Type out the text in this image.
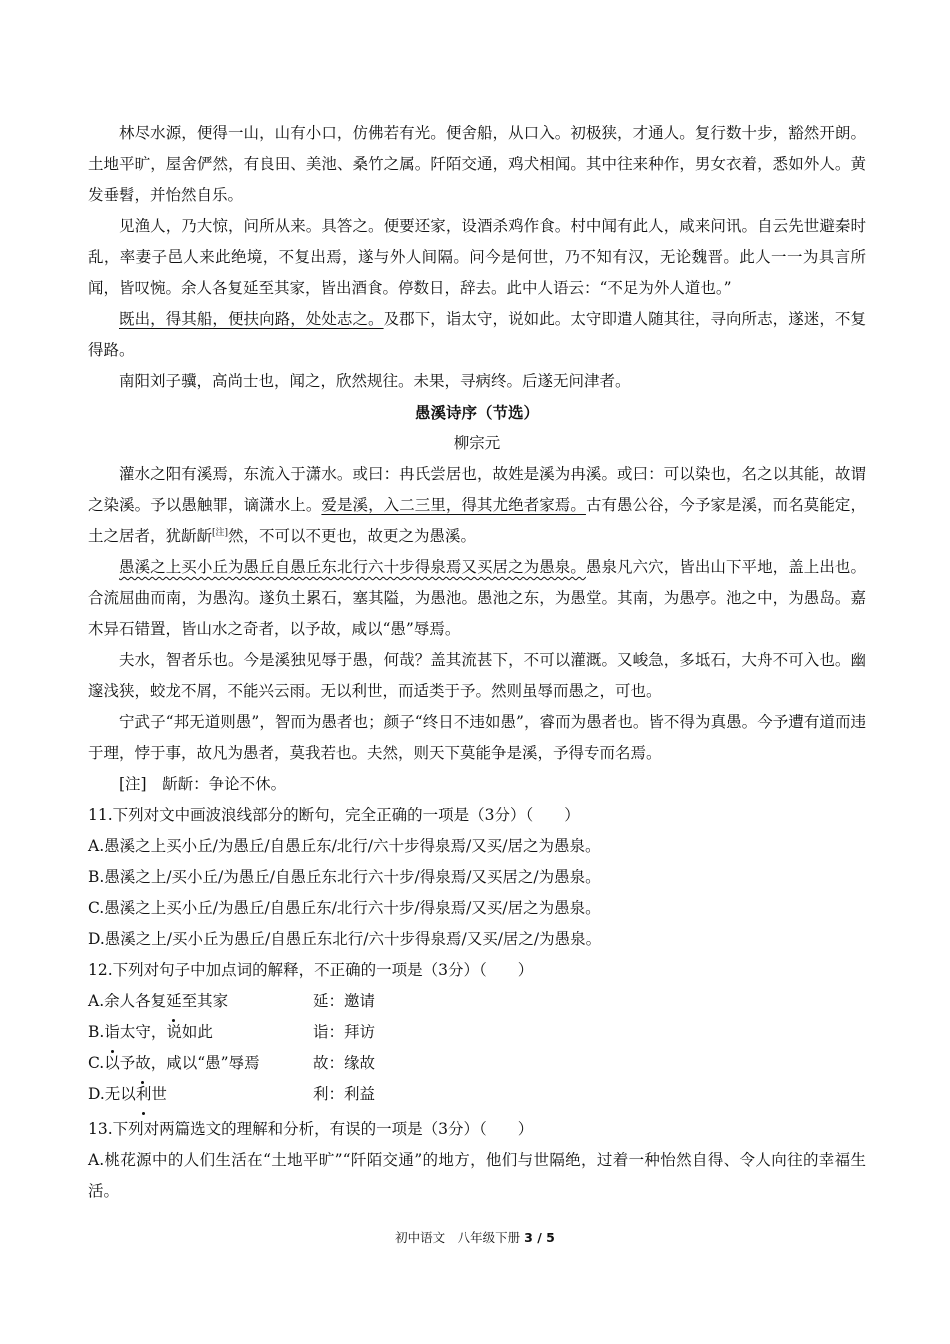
林尽水源，便得一山，山有小口，仿佛若有光。便舍船，从口入。初极狭，才通人。复行数十步，豁然开朗。土地平旷，屋舍俨然，有良田、美池、桑竹之属。阡陌交通，鸡犬相闻。其中往来种作，男女衣着，悉如外人。黄发垂髫，并怡然自乐。

见渔人，乃大惊，问所从来。具答之。便要还家，设酒杀鸡作食。村中闻有此人，咸来问讯。自云先世避秦时乱，率妻子邑人来此绝境，不复出焉，遂与外人间隔。问今是何世，乃不知有汉，无论魏晋。此人一一为具言所闻，皆叹惋。余人各复延至其家，皆出酒食。停数日，辞去。此中人语云：“不足为外人道也。”

既出，得其船，便扶向路，处处志之。及郡下，诣太守，说如此。太守即遣人随其往，寻向所志，遂迷，不复得路。

南阳刘子骥，高尚士也，闻之，欣然规往。未果，寻病终。后遂无问津者。

愚溪诗序（节选）

柳宗元

灌水之阳有溪焉，东流入于潇水。或曰：冉氏尝居也，故姓是溪为冉溪。或曰：可以染也，名之以其能，故谓之染溪。予以愚触罪，谪潇水上。爱是溪，入二三里，得其尤绝者家焉。古有愚公谷，今予家是溪，而名莫能定，土之居者，犹龂龂[注]然，不可以不更也，故更之为愚溪。

愚溪之上买小丘为愚丘自愚丘东北行六十步得泉焉又买居之为愚泉。愚泉凡六穴，皆出山下平地，盖上出也。合流屈曲而南，为愚沟。遂负土累石，塞其隘，为愚池。愚池之东，为愚堂。其南，为愚亭。池之中，为愚岛。嘉木异石错置，皆山水之奇者，以予故，咸以“愚”辱焉。

夫水，智者乐也。今是溪独见辱于愚，何哉？盖其流甚下，不可以灌溉。又峻急，多坻石，大舟不可入也。幽邃浅狭，蛟龙不屑，不能兴云雨。无以利世，而适类于予。然则虽辱而愚之，可也。

宁武子“邦无道则愚”，智而为愚者也；颜子“终日不违如愚”，睿而为愚者也。皆不得为真愚。今予遭有道而违于理，悖于事，故凡为愚者，莫我若也。夫然，则天下莫能争是溪，予得专而名焉。

[注]　龂龂：争论不休。

11.下列对文中画波浪线部分的断句，完全正确的一项是（3分）（　　）
A.愚溪之上买小丘/为愚丘/自愚丘东/北行/六十步得泉焉/又买/居之为愚泉。
B.愚溪之上/买小丘/为愚丘/自愚丘东北行六十步/得泉焉/又买居之/为愚泉。
C.愚溪之上买小丘/为愚丘/自愚丘东/北行六十步/得泉焉/又买/居之为愚泉。
D.愚溪之上/买小丘为愚丘/自愚丘东北行/六十步得泉焉/又买/居之/为愚泉。
12.下列对句子中加点词的解释，不正确的一项是（3分）（　　）
A.余人各复延至其家	延：邀请
B.诣太守，说如此	诣：拜访
C.以予故，咸以“愚”辱焉	故：缘故
D.无以利世	利：利益
13.下列对两篇选文的理解和分析，有误的一项是（3分）（　　）

A.桃花源中的人们生活在“土地平旷”“阡陌交通”的地方，他们与世隔绝，过着一种怡然自得、令人向往的幸福生活。

初中语文　八年级下册 3 / 5
